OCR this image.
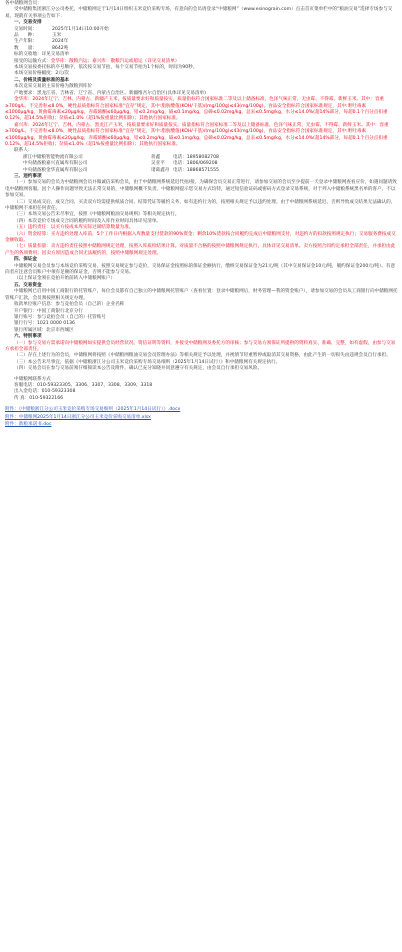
各中储粮网会员：

受中储粮集团浙江分公司委托，中储粮网定于1月14日组织玉米竞价采购专场，有意向的会员请登录“中储粮网”（www.esinograin.com）点击首页菜单栏中的“粮油交易”选择专场参与交易。现就有关事项公告如下：

一、交易安排

交易时间：	2025年1月14日10:00开始

品　　种：	玉米

生产年限：	2024年

数　　量：	8642吨

标的交收地：详见交易清单

接受的运输方式：金华库：散粮汽运；嘉兴库：散粮汽运或船运（详见交易清单）

本场交易按委托标的序号顺序，依次按交易节拍，每个交易节拍为1个标的，时间为90秒。

本场交易价格幅度：2元/次

二、价格及质量标准的基本

本次竞采交易的主采价格为散粮到库价

产地要求：黑龙江省、吉林省、辽宁省、内蒙古自治区、新疆维吾尔自治区(具体详见交易清单)

金华库：2024年辽宁、吉林、内蒙古、新疆产玉米，按质量要求好和质量按实。质量指标符合国家标准二等及以上储备标准，色泽气味正常，无虫霉、不得霉、新鲜玉米。其中：容重≥700g/L，不完善粒≤8.0%，硬性品质指标符合国家标准“宜存”规定，其中:脂肪酸值(KOH/干基)/(mg/100g)≤43(mg/100g)，食品安全指标符合国家标准规定，其中:呕吐毒素≤1000μg/kg，黄曲霉毒素≤20μg/kg，赤霉烯酮≤60μg/kg，铅≤0.2mg/kg，镉≤0.1mg/kg，总砷≤0.02mg/kg，总汞≤0.5mg/kg，水分≤14.0%(超14%部分，每超0.1个百分点扣重0.12%，超14.5%拒收)；杂质≤1.0%（超1%按重量比例扣除）；其他执行国家标准。

嘉兴库：2024年辽宁、吉林、内蒙古、黑龙江产玉米，按质量要求好和质量按实。质量指标符合国家标准二等及以上储备标准，色泽气味正常，无虫霉、不得霉、新鲜玉米。其中：容重≥700g/L，不完善粒≤8.0%，硬性品质指标符合国家标准“宜存”规定，其中:脂肪酸值(KOH/干基)/(mg/100g)≤43(mg/100g)，食品安全指标符合国家标准规定，其中:呕吐毒素≤1000μg/kg，黄曲霉毒素≤20μg/kg，赤霉烯酮≤60μg/kg，铅≤0.2mg/kg，镉≤0.1mg/kg，总砷≤0.02mg/kg，总汞≤0.5mg/kg，水分≤14.0%(超14%部分，每超0.1个百分点扣重0.12%，超14.5%拒收)；杂质≤1.0%（超1%按重量比例扣除）；其他执行国家标准。

联系人：

浙江中储粮智能物流有限公司	蒋鑫	电话：18958082708

中央储备粮嘉兴直属库有限公司	吴亚平 电话：1806/069208

中央储备粮金华直属库有限公司	诸葛鑫舟 电话：18868571555

三、违约事项

（一）参加交易的会员为中储粮网会员并做诚信采购会员，由于中储粮网系统延迟代拍/接，为确保会员交易正常进行，请参加交易的会员至少提前一天登录中储粮网查看应价，如遇问题请致电中储粮网客服。因个人操作问题导致无法正常交易的，中储粮网概不负责。中储粮网提示您交易方式均特，通过短信验证码或密码方式登录交易系统，对于列入中储粮系统黑名单的客户，不以参加交易。

（二）交易成交后，成交合同、买卖双方均需提供纸质合同、结算凭证等履约义务，如有违约行为的，按照相关规定予以违约处理。由于中储粮网系统延迟、否则导致成交结果无法确认的，中储粮网不承担任何责任。

（三）本场交易公告未尽事宜，按照《中储粮网粮油交易规则》等相关规定执行。

（四）本次竞价专场成交合同的履约时间及入库作业时间具体详见清单。

（五）违约责任：以买方按成本库实际过磅结算数量为准。

（六）资金结算：买方违约处理入库前，5个工作日内根据入库数量支付货款的90%资金；剩余10%货款按合同履约完成后中储粮网支付，对违约方的扣款按照规定执行；交易服务费按成交金额收取。

（七）质量扣量：卖方违约责任按照中储粮网规定处理，按照入库质检结果计算。对质量不合格的按照中储粮网规定执行，具体详见交易清单。卖方按照合同约定承担全部责任，并承担由此产生的各项费用；因卖方原因造成合同无法履约的，按照中储粮网规定处理。

四、保证金

中储粮网交易会员参与本场竞价采购交易，按照交易规定参与竞价，交易保证金按照标的保证金额执行，缴纳交易保证金为21元/吨（其中交易保证金10元/吨，履约保证金200元/吨）。有意向者应注意会员账户中须有足额的保证金，否则不能参与交易。

（以上保证金须在竞拍开始前转入中储粮网账户）

五、交易资金

中储粮网已启用中国工商银行的托管账户，每位会员都有自己独立的中储粮网托管账户（查看位置：登录中储粮网后，财务管理—我的资金账户），请参加交易的会员从工商银行向中储粮网托管账户汇款，会员须按照相关规定办理。

收款单位账户信息：参与竞拍会员（自己的）企业名称

开户银行：中国工商银行北京分行

银行账号：参与竞拍会员（自己的）托管账号

银行行号：1021 0000 0136

银行所属区域：北京市西城区

六、特别事项

（一）参与交易方需承诺向中储粮网如实提供会员经营状况、资信证明等资料，并接受中储粮网及委托方的审核；参与交易方须保证所提供的资料真实、准确、完整，如有虚假，由参与交易方承担全部责任。

（二）存在上述行为的会员，中储粮网将按照《中储粮网粮油交易会员管理办法》等相关规定予以处理，并视情节轻重暂停或取消其交易资格，由此产生的一切损失由违规会员自行承担。

（三）本公告未尽事宜，依据《中储粮浙江分公司玉米竞价采购专场交易细则（2025年1月14日试行）》和中储粮网有关规定执行。

（四）交易会员在参与交易前须仔细阅读本公告及附件，确认已充分知晓并同意遵守有关规定，由会员自行承担交易风险。

中储粮网联系方式

客服电话：010-59323305、3306、3307、3308、3309、3318

出入金电话：010-59323308

传 真：010-59322166

附件：《中储粮浙江分公司玉米竞价采购专场交易细则（2025年1月14日试行）》.docx

附件：中储粮网2025年1月14日浙江分公司玉米竞价采购交易清单.xlsx

附件：新粮承诺书.doc
